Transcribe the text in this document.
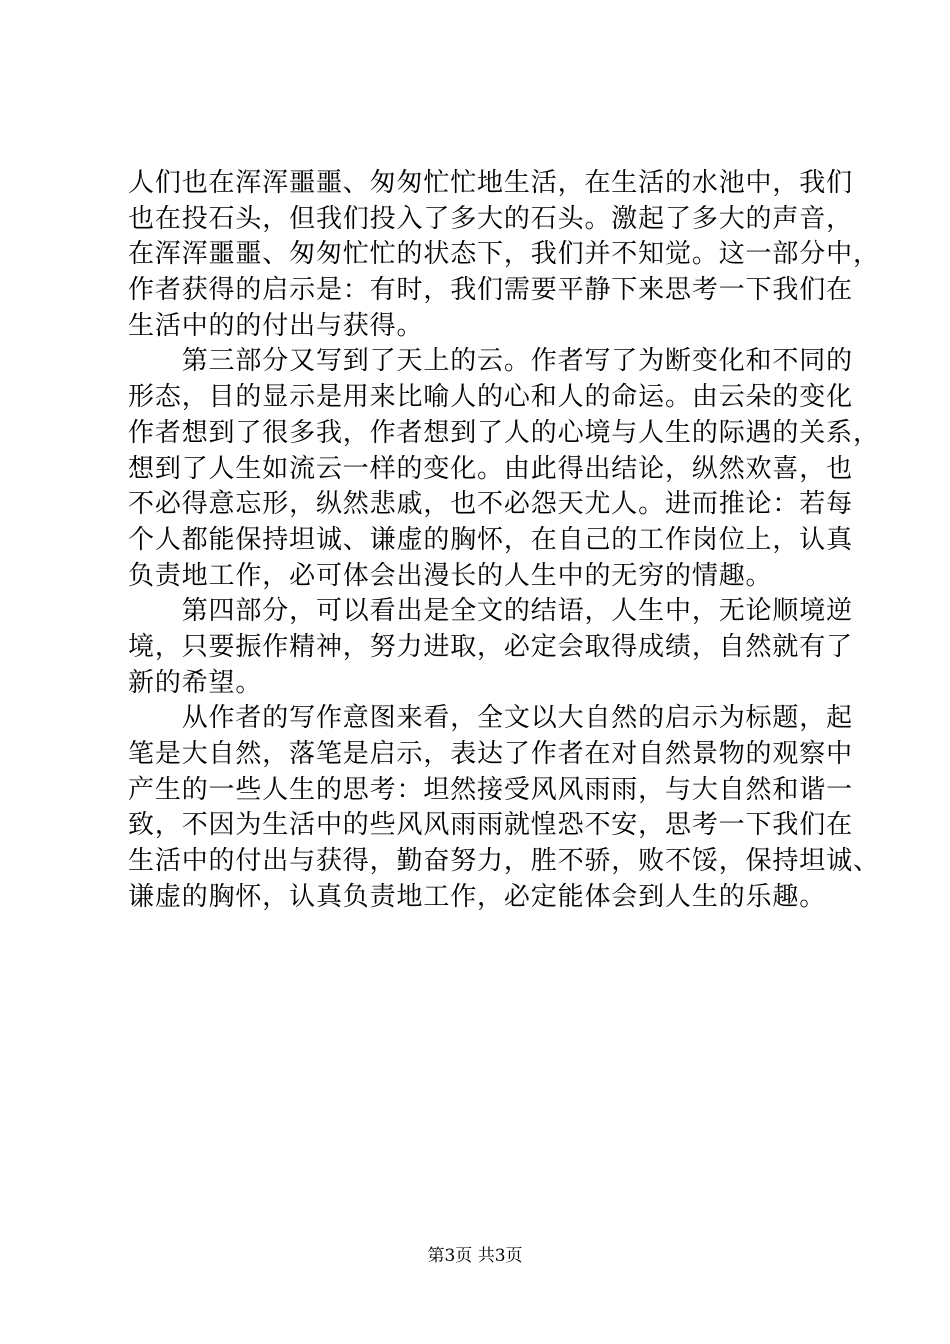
人们也在浑浑噩噩、匆匆忙忙地生活，在生活的水池中，我们
也在投石头，但我们投入了多大的石头。激起了多大的声音，
在浑浑噩噩、匆匆忙忙的状态下，我们并不知觉。这一部分中，
作者获得的启示是：有时，我们需要平静下来思考一下我们在
生活中的的付出与获得。
　　第三部分又写到了天上的云。作者写了为断变化和不同的
形态，目的显示是用来比喻人的心和人的命运。由云朵的变化
作者想到了很多我，作者想到了人的心境与人生的际遇的关系，
想到了人生如流云一样的变化。由此得出结论，纵然欢喜，也
不必得意忘形，纵然悲戚，也不必怨天尤人。进而推论：若每
个人都能保持坦诚、谦虚的胸怀，在自己的工作岗位上，认真
负责地工作，必可体会出漫长的人生中的无穷的情趣。
　　第四部分，可以看出是全文的结语，人生中，无论顺境逆
境，只要振作精神，努力进取，必定会取得成绩，自然就有了
新的希望。
　　从作者的写作意图来看，全文以大自然的启示为标题，起
笔是大自然，落笔是启示，表达了作者在对自然景物的观察中
产生的一些人生的思考：坦然接受风风雨雨，与大自然和谐一
致，不因为生活中的些风风雨雨就惶恐不安，思考一下我们在
生活中的付出与获得，勤奋努力，胜不骄，败不馁，保持坦诚、
谦虚的胸怀，认真负责地工作，必定能体会到人生的乐趣。
第3页 共3页
